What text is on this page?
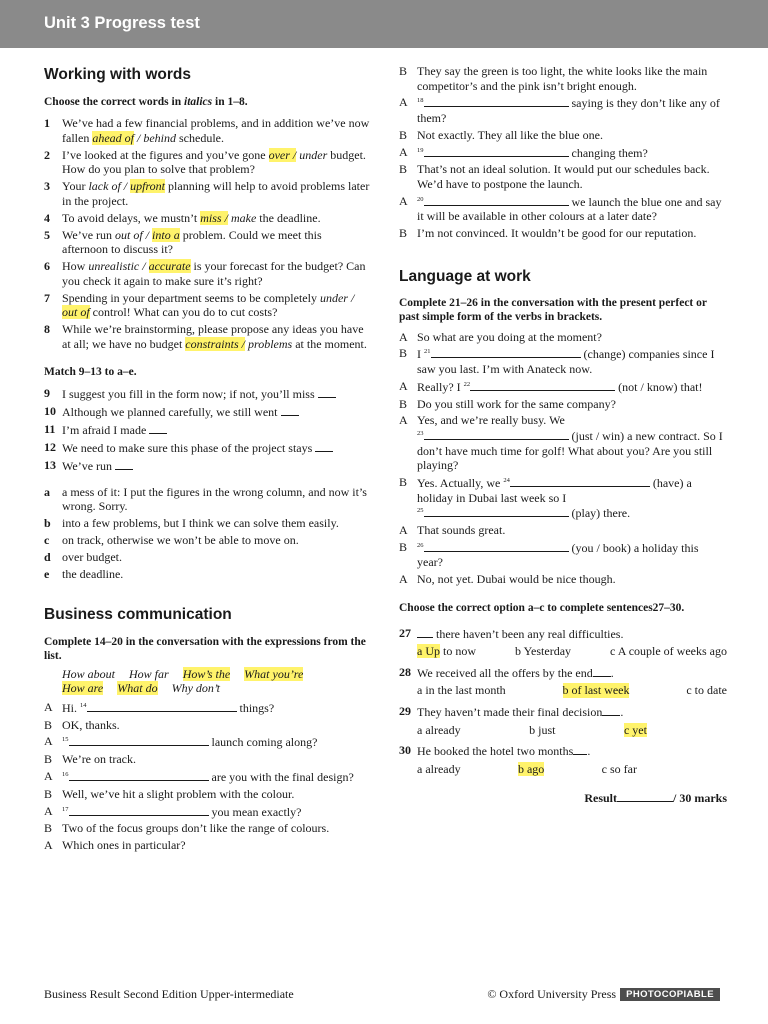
Unit 3 Progress test
Working with words

Choose the correct words in italics in 1–8.

1 We’ve had a few financial problems, and in addition we’ve now fallen ahead of / behind schedule.
2 I’ve looked at the figures and you’ve gone over / under budget. How do you plan to solve that problem?
3 Your lack of / upfront planning will help to avoid problems later in the project.
4 To avoid delays, we mustn’t miss / make the deadline.
5 We’ve run out of / into a problem. Could we meet this afternoon to discuss it?
6 How unrealistic / accurate is your forecast for the budget? Can you check it again to make sure it’s right?
7 Spending in your department seems to be completely under / out of control! What can you do to cut costs?
8 While we’re brainstorming, please propose any ideas you have at all; we have no budget constraints / problems at the moment.

Match 9–13 to a–e.

9 I suggest you fill in the form now; if not, you’ll miss
10 Although we planned carefully, we still went
11 I’m afraid I made
12 We need to make sure this phase of the project stays
13 We’ve run
a a mess of it: I put the figures in the wrong column, and now it’s wrong. Sorry.
b into a few problems, but I think we can solve them easily.
c on track, otherwise we won’t be able to move on.
d over budget.
e the deadline.
Business communication

Complete 14–20 in the conversation with the expressions from the list.

How about How far How’s the What you’re
How are What do Why don’t
A Hi. $^{14}$	things?
B OK, thanks.
A $^{15}$	launch coming along?
B We’re on track.
A $^{16}$	are you with the final design?
B Well, we’ve hit a slight problem with the colour.
A $^{17}$	you mean exactly?
B Two of the focus groups don’t like the range of colours.
A Which ones in particular?
B They say the green is too light, the white looks like the main competitor’s and the pink isn’t bright enough.
A $^{18}$	saying is they don’t like any of them?
B Not exactly. They all like the blue one.
A $^{19}$	changing them?
B That’s not an ideal solution. It would put our schedules back. We’d have to postpone the launch.
A $^{20}$	we launch the blue one and say it will be available in other colours at a later date?
B I’m not convinced. It wouldn’t be good for our reputation.
Language at work

Complete 21–26 in the conversation with the present perfect or past simple form of the verbs in brackets.

A So what are you doing at the moment?
B I $^{21}$	(change) companies since I saw you last. I’m with Anateck now.
A Really? I $^{22}$	(not / know) that!
B Do you still work for the same company?
A Yes, and we’re really busy. We
$^{23}$	(just / win) a new contract. So I don’t have much time for golf! What about you? Are you still playing?
B Yes. Actually, we $^{24}$	(have) a holiday in Dubai last week so I
$^{25}$	(play) there.
A That sounds great.
B $^{26}$	(you / book) a holiday this year?
A No, not yet. Dubai would be nice though.

Choose the correct option a–c to complete sentences27–30.

27 there haven’t been any real difficulties.
a Up to now	b Yesterday	c A couple of weeks ago
28 We received all the offers by the end .
a in the last month	b of last week	c to date
29 They haven’t made their final decision .
a already	b just	c yet
30 He booked the hotel two months .
a already	b ago	c so far
Result	/ 30 marks
Business Result Second Edition Upper-intermediate	© Oxford University Press PHOTOCOPIABLE
